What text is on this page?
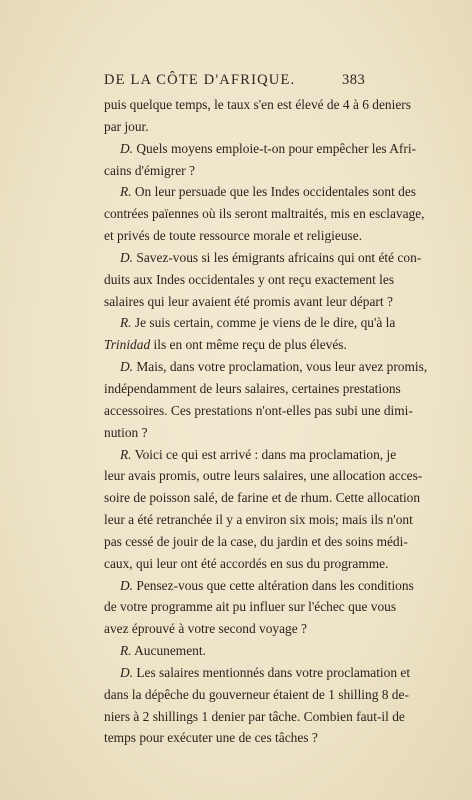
DE LA CÔTE D'AFRIQUE.	383
puis quelque temps, le taux s'en est élevé de 4 à 6 deniers
par jour.
D. Quels moyens emploie-t-on pour empêcher les Afri-
cains d'émigrer ?
R. On leur persuade que les Indes occidentales sont des
contrées païennes où ils seront maltraités, mis en esclavage,
et privés de toute ressource morale et religieuse.
D. Savez-vous si les émigrants africains qui ont été con-
duits aux Indes occidentales y ont reçu exactement les
salaires qui leur avaient été promis avant leur départ ?
R. Je suis certain, comme je viens de le dire, qu'à la
Trinidad ils en ont même reçu de plus élevés.
D. Mais, dans votre proclamation, vous leur avez promis,
indépendamment de leurs salaires, certaines prestations
accessoires. Ces prestations n'ont-elles pas subi une dimi-
nution ?
R. Voici ce qui est arrivé : dans ma proclamation, je
leur avais promis, outre leurs salaires, une allocation acces-
soire de poisson salé, de farine et de rhum. Cette allocation
leur a été retranchée il y a environ six mois; mais ils n'ont
pas cessé de jouir de la case, du jardin et des soins médi-
caux, qui leur ont été accordés en sus du programme.
D. Pensez-vous que cette altération dans les conditions
de votre programme ait pu influer sur l'échec que vous
avez éprouvé à votre second voyage ?
R. Aucunement.
D. Les salaires mentionnés dans votre proclamation et
dans la dépêche du gouverneur étaient de 1 shilling 8 de-
niers à 2 shillings 1 denier par tâche. Combien faut-il de
temps pour exécuter une de ces tâches ?
